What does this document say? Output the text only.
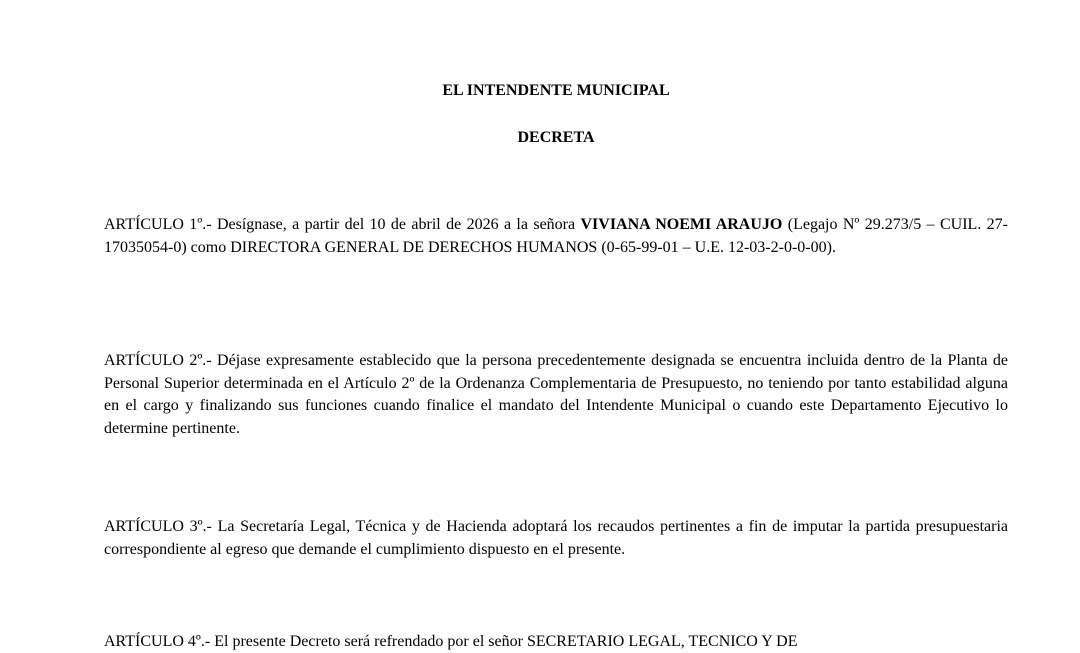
EL INTENDENTE MUNICIPAL
DECRETA

ARTÍCULO 1º.- Desígnase, a partir del 10 de abril de 2026 a la señora VIVIANA NOEMI ARAUJO (Legajo Nº 29.273/5 – CUIL. 27-17035054-0) como DIRECTORA GENERAL DE DERECHOS HUMANOS (0-65-99-01 – U.E. 12-03-2-0-0-00).

ARTÍCULO 2º.- Déjase expresamente establecido que la persona precedentemente designada se encuentra incluida dentro de la Planta de Personal Superior determinada en el Artículo 2º de la Ordenanza Complementaria de Presupuesto, no teniendo por tanto estabilidad alguna en el cargo y finalizando sus funciones cuando finalice el mandato del Intendente Municipal o cuando este Departamento Ejecutivo lo determine pertinente.

ARTÍCULO 3º.- La Secretaría Legal, Técnica y de Hacienda adoptará los recaudos pertinentes a fin de imputar la partida presupuestaria correspondiente al egreso que demande el cumplimiento dispuesto en el presente.

ARTÍCULO 4º.- El presente Decreto será refrendado por el señor SECRETARIO LEGAL, TECNICO Y DE
